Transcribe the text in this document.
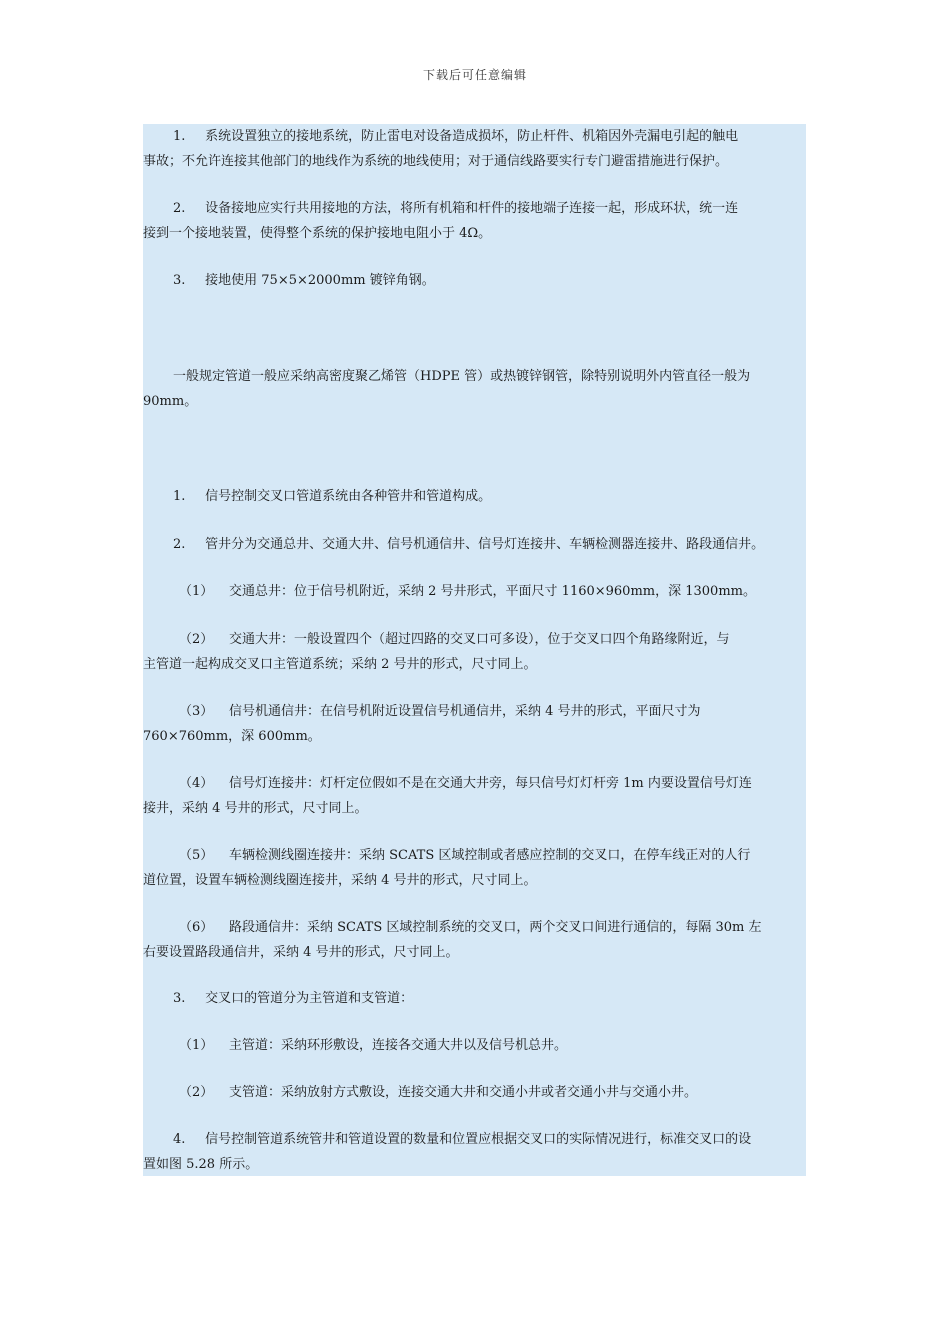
下载后可任意编辑
1. 系统设置独立的接地系统，防止雷电对设备造成损坏，防止杆件、机箱因外壳漏电引起的触电
事故；不允许连接其他部门的地线作为系统的地线使用；对于通信线路要实行专门避雷措施进行保护。
2. 设备接地应实行共用接地的方法，将所有机箱和杆件的接地端子连接一起，形成环状，统一连
接到一个接地装置，使得整个系统的保护接地电阻小于 4Ω。
3. 接地使用 75×5×2000mm 镀锌角钢。
一般规定管道一般应采纳高密度聚乙烯管（HDPE 管）或热镀锌钢管，除特别说明外内管直径一般为
90mm。
1. 信号控制交叉口管道系统由各种管井和管道构成。
2. 管井分为交通总井、交通大井、信号机通信井、信号灯连接井、车辆检测器连接井、路段通信井。
（1） 交通总井：位于信号机附近，采纳 2 号井形式，平面尺寸 1160×960mm，深 1300mm。
（2） 交通大井：一般设置四个（超过四路的交叉口可多设），位于交叉口四个角路缘附近，与
主管道一起构成交叉口主管道系统；采纳 2 号井的形式，尺寸同上。
（3） 信号机通信井：在信号机附近设置信号机通信井，采纳 4 号井的形式，平面尺寸为
760×760mm，深 600mm。
（4） 信号灯连接井：灯杆定位假如不是在交通大井旁，每只信号灯灯杆旁 1m 内要设置信号灯连
接井，采纳 4 号井的形式，尺寸同上。
（5） 车辆检测线圈连接井：采纳 SCATS 区域控制或者感应控制的交叉口，在停车线正对的人行
道位置，设置车辆检测线圈连接井，采纳 4 号井的形式，尺寸同上。
（6） 路段通信井：采纳 SCATS 区域控制系统的交叉口，两个交叉口间进行通信的，每隔 30m 左
右要设置路段通信井，采纳 4 号井的形式，尺寸同上。
3. 交叉口的管道分为主管道和支管道：
（1） 主管道：采纳环形敷设，连接各交通大井以及信号机总井。
（2） 支管道：采纳放射方式敷设，连接交通大井和交通小井或者交通小井与交通小井。
4. 信号控制管道系统管井和管道设置的数量和位置应根据交叉口的实际情况进行，标准交叉口的设
置如图 5.28 所示。
